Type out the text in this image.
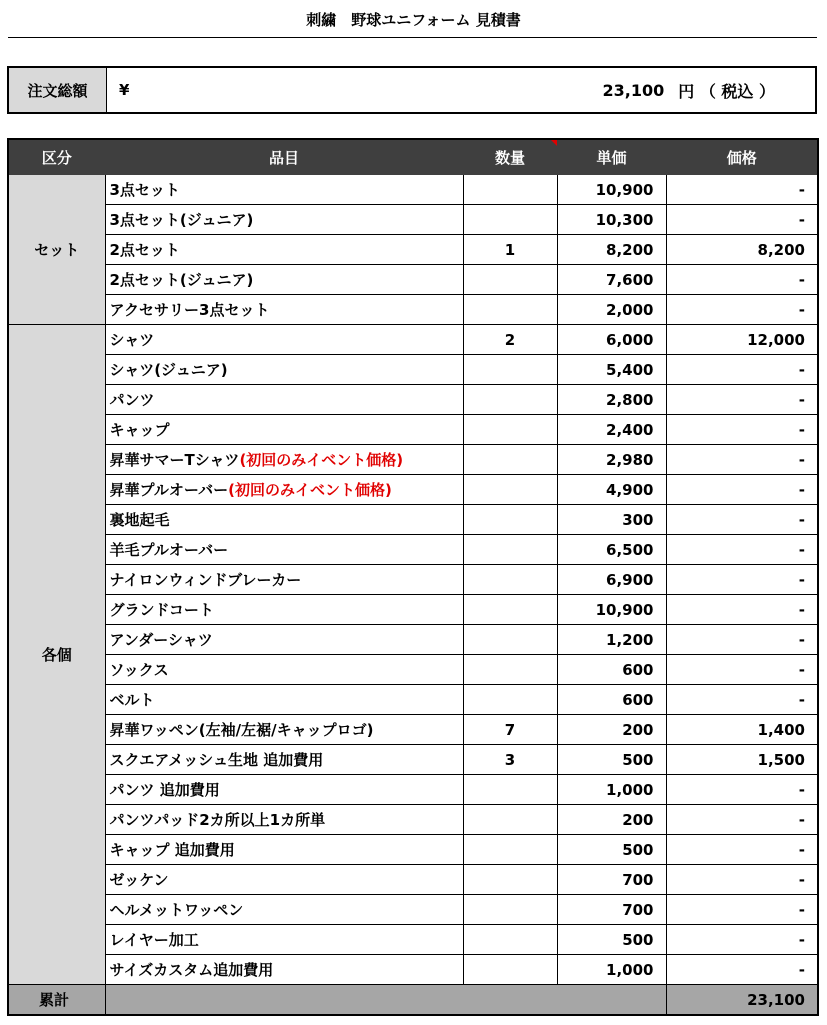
刺繍　野球ユニフォーム 見積書
注文総額	¥	23,100 円 （ 税込 ）
区分	品目	数量	単価	価格
セット	3点セット		10,900	-
	3点セット(ジュニア)		10,300	-
	2点セット	1	8,200	8,200
	2点セット(ジュニア)		7,600	-
	アクセサリー3点セット		2,000	-
各個	シャツ	2	6,000	12,000
	シャツ(ジュニア)		5,400	-
	パンツ		2,800	-
	キャップ		2,400	-
	昇華サマーTシャツ(初回のみイベント価格)		2,980	-
	昇華プルオーバー(初回のみイベント価格)		4,900	-
	裏地起毛		300	-
	羊毛プルオーバー		6,500	-
	ナイロンウィンドブレーカー		6,900	-
	グランドコート		10,900	-
	アンダーシャツ		1,200	-
	ソックス		600	-
	ベルト		600	-
	昇華ワッペン(左袖/左裾/キャップロゴ)	7	200	1,400
	スクエアメッシュ生地 追加費用	3	500	1,500
	パンツ 追加費用		1,000	-
	パンツパッド2カ所以上1カ所単		200	-
	キャップ 追加費用		500	-
	ゼッケン		700	-
	ヘルメットワッペン		700	-
	レイヤー加工		500	-
	サイズカスタム追加費用		1,000	-
累計				23,100
